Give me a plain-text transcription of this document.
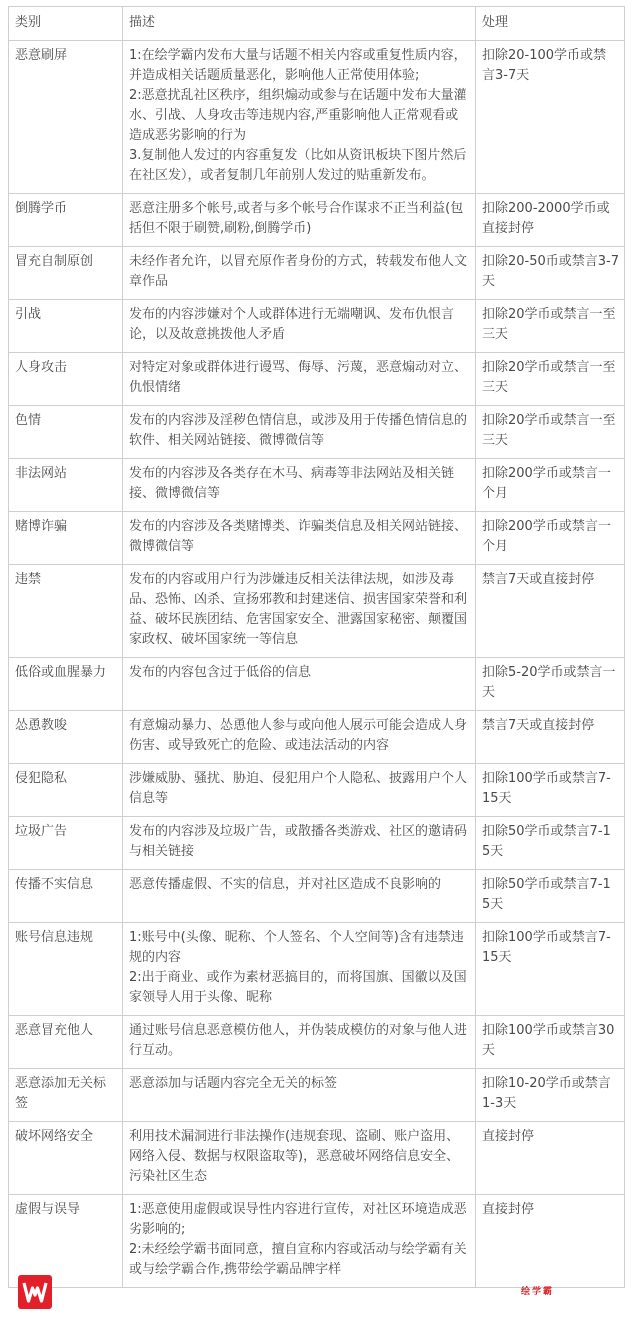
类别	描述	处理
恶意刷屏	1:在绘学霸内发布大量与话题不相关内容或重复性质内容，并造成相关话题质量恶化，影响他人正常使用体验;
2:恶意扰乱社区秩序，组织煽动或参与在话题中发布大量灌水、引战、人身攻击等违规内容,严重影响他人正常观看或造成恶劣影响的行为
3.复制他人发过的内容重复发（比如从资讯板块下图片然后在社区发），或者复制几年前别人发过的贴重新发布。	扣除20-100学币或禁言3-7天
倒腾学币	恶意注册多个帐号,或者与多个帐号合作谋求不正当利益(包括但不限于刷赞,刷粉,倒腾学币)	扣除200-2000学币或直接封停
冒充自制原创	未经作者允许，以冒充原作者身份的方式，转载发布他人文章作品	扣除20-50币或禁言3-7天
引战	发布的内容涉嫌对个人或群体进行无端嘲讽、发布仇恨言论，以及故意挑拨他人矛盾	扣除20学币或禁言一至三天
人身攻击	对特定对象或群体进行谩骂、侮辱、污蔑，恶意煽动对立、仇恨情绪	扣除20学币或禁言一至三天
色情	发布的内容涉及淫秽色情信息，或涉及用于传播色情信息的软件、相关网站链接、微博微信等	扣除20学币或禁言一至三天
非法网站	发布的内容涉及各类存在木马、病毒等非法网站及相关链接、微博微信等	扣除200学币或禁言一个月
赌博诈骗	发布的内容涉及各类赌博类、诈骗类信息及相关网站链接、微博微信等	扣除200学币或禁言一个月
违禁	发布的内容或用户行为涉嫌违反相关法律法规，如涉及毒品、恐怖、凶杀、宣扬邪教和封建迷信、损害国家荣誉和利益、破坏民族团结、危害国家安全、泄露国家秘密、颠覆国家政权、破坏国家统一等信息	禁言7天或直接封停
低俗或血腥暴力	发布的内容包含过于低俗的信息	扣除5-20学币或禁言一天
怂恿教唆	有意煽动暴力、怂恿他人参与或向他人展示可能会造成人身伤害、或导致死亡的危险、或违法活动的内容	禁言7天或直接封停
侵犯隐私	涉嫌威胁、骚扰、胁迫、侵犯用户个人隐私、披露用户个人信息等	扣除100学币或禁言7-15天
垃圾广告	发布的内容涉及垃圾广告，或散播各类游戏、社区的邀请码与相关链接	扣除50学币或禁言7-15天
传播不实信息	恶意传播虚假、不实的信息，并对社区造成不良影响的	扣除50学币或禁言7-15天
账号信息违规	1:账号中(头像、昵称、个人签名、个人空间等)含有违禁违规的内容
2:出于商业、或作为素材恶搞目的，而将国旗、国徽以及国家领导人用于头像、昵称	扣除100学币或禁言7-15天
恶意冒充他人	通过账号信息恶意模仿他人，并伪装成模仿的对象与他人进行互动。	扣除100学币或禁言30天
恶意添加无关标签	恶意添加与话题内容完全无关的标签	扣除10-20学币或禁言1-3天
破坏网络安全	利用技术漏洞进行非法操作(违规套现、盗刷、账户盗用、网络入侵、数据与权限盗取等)，恶意破坏网络信息安全、污染社区生态	直接封停
虚假与误导	1:恶意使用虚假或误导性内容进行宣传，对社区环境造成恶劣影响的;
2:未经绘学霸书面同意，擅自宣称内容或活动与绘学霸有关或与绘学霸合作,携带绘学霸品牌字样	直接封停
绘学霸
